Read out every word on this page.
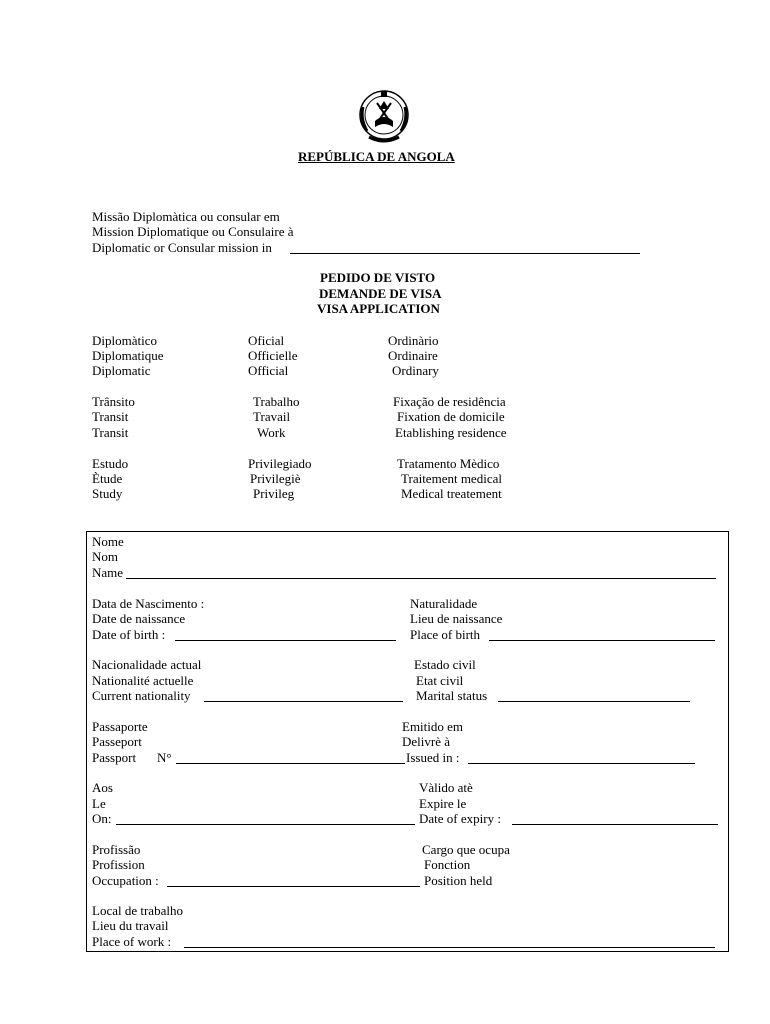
REPÚBLICA DE ANGOLA
Missão Diplomàtica ou consular em
Mission Diplomatique ou Consulaire à
Diplomatic or Consular mission in
PEDIDO DE VISTO
DEMANDE DE VISA
VISA APPLICATION
Diplomàtico
Diplomatique
Diplomatic
Oficial
Officielle
Official
Ordinàrio
Ordinaire
Ordinary
Trânsito
Transit
Transit
Trabalho
Travail
Work
Fixação de residência
Fixation de domicile
Etablishing residence
Estudo
Ètude
Study
Privilegiado
Privilegiè
Privileg
Tratamento Mèdico
Traitement medical
Medical treatement
Nome
Nom
Name
Data de Nascimento :
Date de naissance
Date of birth :
Naturalidade
Lieu de naissance
Place of birth
Nacionalidade actual
Nationalité actuelle
Current nationality
Estado civil
Etat civil
Marital status
Passaporte
Passeport
Passport N°
Emitido em
Delivrè à
Issued in :
Aos
Le
On:
Vàlido atè
Expire le
Date of expiry :
Profissão
Profission
Occupation :
Cargo que ocupa
Fonction
Position held
Local de trabalho
Lieu du travail
Place of work :
